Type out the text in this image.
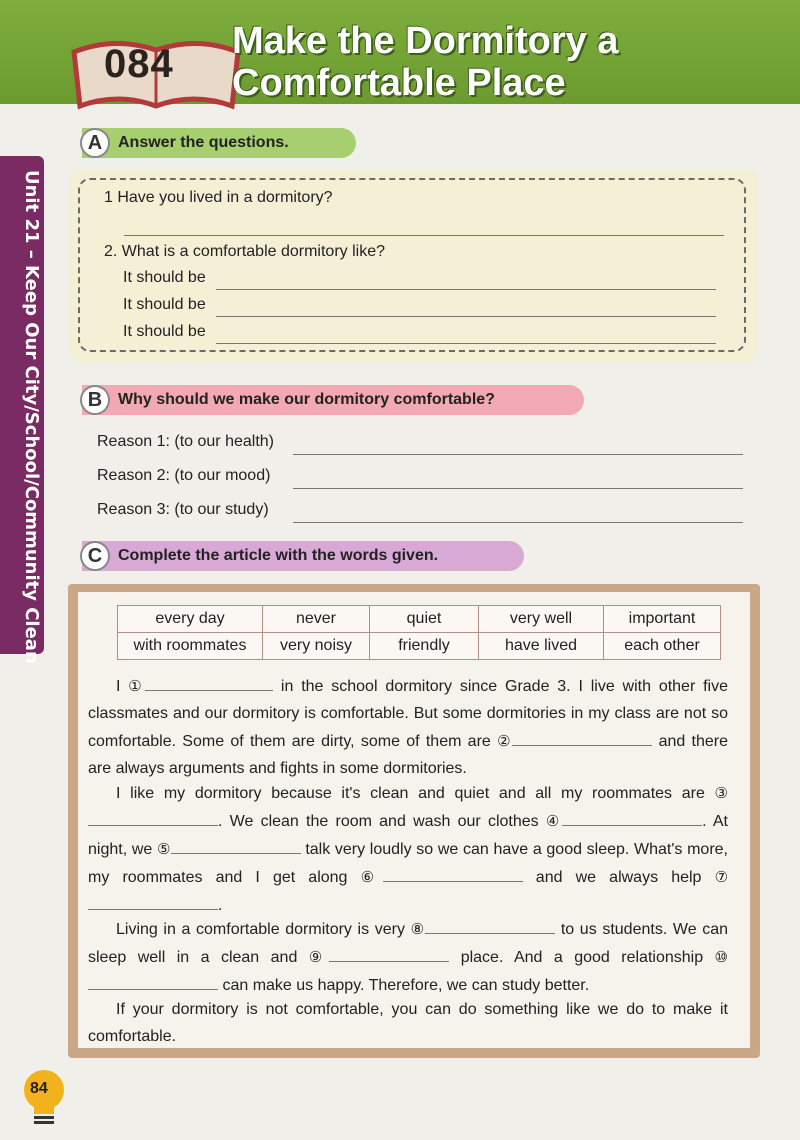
084
Make the Dormitory a
Comfortable Place
Unit 21 – Keep Our City/School/Community Clean
A Answer the questions.
1 Have you lived in a dormitory?
2. What is a comfortable dormitory like?
It should be
It should be
It should be
B Why should we make our dormitory comfortable?
Reason 1: (to our health)
Reason 2: (to our mood)
Reason 3: (to our study)
C Complete the article with the words given.
every day	never	quiet	very well	important
with roommates	very noisy	friendly	have lived	each other
I ①	in the school dormitory since Grade 3. I live with other five classmates and our dormitory is comfortable. But some dormitories in my class are not so comfortable. Some of them are dirty, some of them are ②	and there are always arguments and fights in some dormitories.
I like my dormitory because it's clean and quiet and all my roommates are ③. We clean the room and wash our clothes ④	. At night, we ⑤	talk very loudly so we can have a good sleep. What's more, my roommates and I get along ⑥	and we always help ⑦.
Living in a comfortable dormitory is very ⑧	to us students. We can sleep well in a clean and ⑨	place. And a good relationship ⑩ can make us happy. Therefore, we can study better.
If your dormitory is not comfortable, you can do something like we do to make it comfortable.
84
